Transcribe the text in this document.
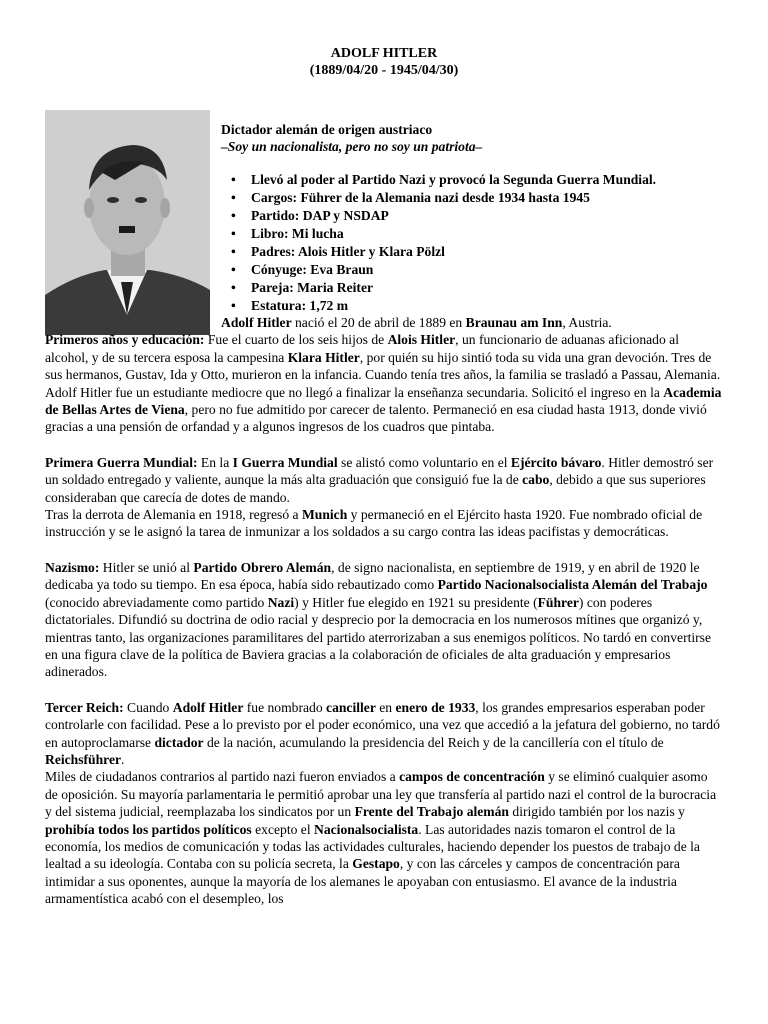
ADOLF HITLER
(1889/04/20 - 1945/04/30)
Dictador alemán de origen austriaco
–Soy un nacionalista, pero no soy un patriota–
• Llevó al poder al Partido Nazi y provocó la Segunda Guerra Mundial.
• Cargos: Führer de la Alemania nazi desde 1934 hasta 1945
• Partido: DAP y NSDAP
• Libro: Mi lucha
• Padres: Alois Hitler y Klara Pölzl
• Cónyuge: Eva Braun
• Pareja: Maria Reiter
• Estatura: 1,72 m

Adolf Hitler nació el 20 de abril de 1889 en Braunau am Inn, Austria.

Primeros años y educación: Fue el cuarto de los seis hijos de Alois Hitler, un funcionario de aduanas aficionado al alcohol, y de su tercera esposa la campesina Klara Hitler, por quién su hijo sintió toda su vida una gran devoción. Tres de sus hermanos, Gustav, Ida y Otto, murieron en la infancia. Cuando tenía tres años, la familia se trasladó a Passau, Alemania. Adolf Hitler fue un estudiante mediocre que no llegó a finalizar la enseñanza secundaria. Solicitó el ingreso en la Academia de Bellas Artes de Viena, pero no fue admitido por carecer de talento. Permaneció en esa ciudad hasta 1913, donde vivió gracias a una pensión de orfandad y a algunos ingresos de los cuadros que pintaba.

Primera Guerra Mundial: En la I Guerra Mundial se alistó como voluntario en el Ejército bávaro. Hitler demostró ser un soldado entregado y valiente, aunque la más alta graduación que consiguió fue la de cabo, debido a que sus superiores consideraban que carecía de dotes de mando.

Tras la derrota de Alemania en 1918, regresó a Munich y permaneció en el Ejército hasta 1920. Fue nombrado oficial de instrucción y se le asignó la tarea de inmunizar a los soldados a su cargo contra las ideas pacifistas y democráticas.

Nazismo: Hitler se unió al Partido Obrero Alemán, de signo nacionalista, en septiembre de 1919, y en abril de 1920 le dedicaba ya todo su tiempo. En esa época, había sido rebautizado como Partido Nacionalsocialista Alemán del Trabajo (conocido abreviadamente como partido Nazi) y Hitler fue elegido en 1921 su presidente (Führer) con poderes dictatoriales. Difundió su doctrina de odio racial y desprecio por la democracia en los numerosos mítines que organizó y, mientras tanto, las organizaciones paramilitares del partido aterrorizaban a sus enemigos políticos. No tardó en convertirse en una figura clave de la política de Baviera gracias a la colaboración de oficiales de alta graduación y empresarios adinerados.

Tercer Reich: Cuando Adolf Hitler fue nombrado canciller en enero de 1933, los grandes empresarios esperaban poder controlarle con facilidad. Pese a lo previsto por el poder económico, una vez que accedió a la jefatura del gobierno, no tardó en autoproclamarse dictador de la nación, acumulando la presidencia del Reich y de la cancillería con el título de Reichsführer.

Miles de ciudadanos contrarios al partido nazi fueron enviados a campos de concentración y se eliminó cualquier asomo de oposición. Su mayoría parlamentaria le permitió aprobar una ley que transfería al partido nazi el control de la burocracia y del sistema judicial, reemplazaba los sindicatos por un Frente del Trabajo alemán dirigido también por los nazis y prohibía todos los partidos políticos excepto el Nacionalsocialista. Las autoridades nazis tomaron el control de la economía, los medios de comunicación y todas las actividades culturales, haciendo depender los puestos de trabajo de la lealtad a su ideología. Contaba con su policía secreta, la Gestapo, y con las cárceles y campos de concentración para intimidar a sus oponentes, aunque la mayoría de los alemanes le apoyaban con entusiasmo. El avance de la industria armamentística acabó con el desempleo, los
